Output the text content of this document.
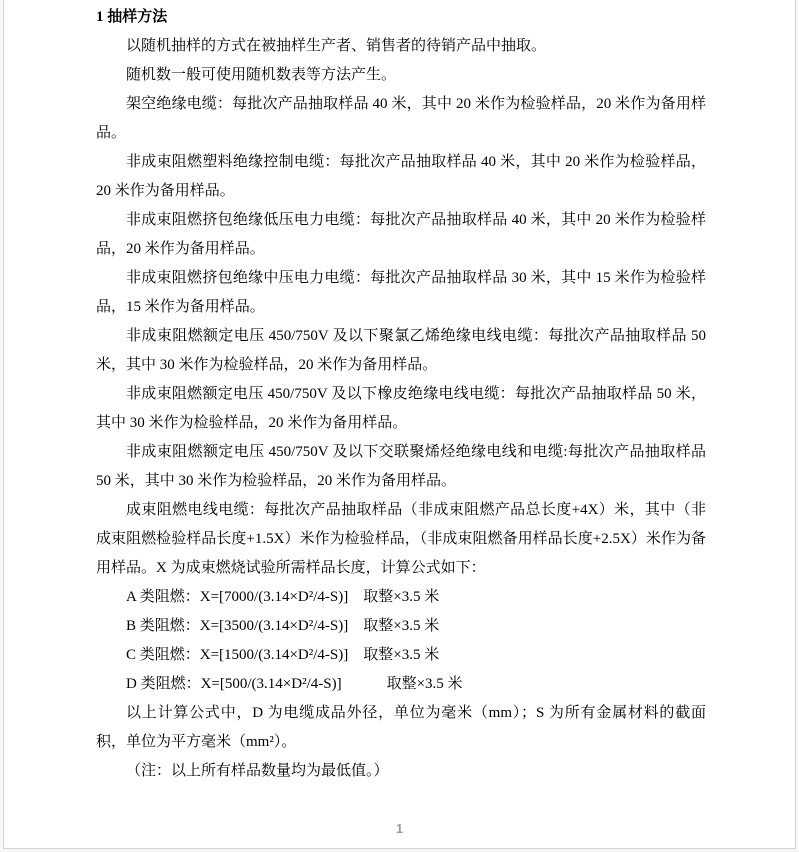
1 抽样方法

以随机抽样的方式在被抽样生产者、销售者的待销产品中抽取。

随机数一般可使用随机数表等方法产生。

架空绝缘电缆：每批次产品抽取样品 40 米，其中 20 米作为检验样品，20 米作为备用样品。

非成束阻燃塑料绝缘控制电缆：每批次产品抽取样品 40 米，其中 20 米作为检验样品，20 米作为备用样品。

非成束阻燃挤包绝缘低压电力电缆：每批次产品抽取样品 40 米，其中 20 米作为检验样品，20 米作为备用样品。

非成束阻燃挤包绝缘中压电力电缆：每批次产品抽取样品 30 米，其中 15 米作为检验样品，15 米作为备用样品。

非成束阻燃额定电压 450/750V 及以下聚氯乙烯绝缘电线电缆：每批次产品抽取样品 50 米，其中 30 米作为检验样品，20 米作为备用样品。

非成束阻燃额定电压 450/750V 及以下橡皮绝缘电线电缆：每批次产品抽取样品 50 米，其中 30 米作为检验样品，20 米作为备用样品。

非成束阻燃额定电压 450/750V 及以下交联聚烯烃绝缘电线和电缆:每批次产品抽取样品 50 米，其中 30 米作为检验样品，20 米作为备用样品。

成束阻燃电线电缆：每批次产品抽取样品（非成束阻燃产品总长度+4X）米，其中（非成束阻燃检验样品长度+1.5X）米作为检验样品，（非成束阻燃备用样品长度+2.5X）米作为备用样品。X 为成束燃烧试验所需样品长度，计算公式如下：

A 类阻燃：X=[7000/(3.14×D²/4-S)]　取整×3.5 米

B 类阻燃：X=[3500/(3.14×D²/4-S)]　取整×3.5 米

C 类阻燃：X=[1500/(3.14×D²/4-S)]　取整×3.5 米

D 类阻燃：X=[500/(3.14×D²/4-S)]　　　取整×3.5 米

以上计算公式中，D 为电缆成品外径，单位为毫米（mm）；S 为所有金属材料的截面积，单位为平方毫米（mm²）。

（注：以上所有样品数量均为最低值。）

1
